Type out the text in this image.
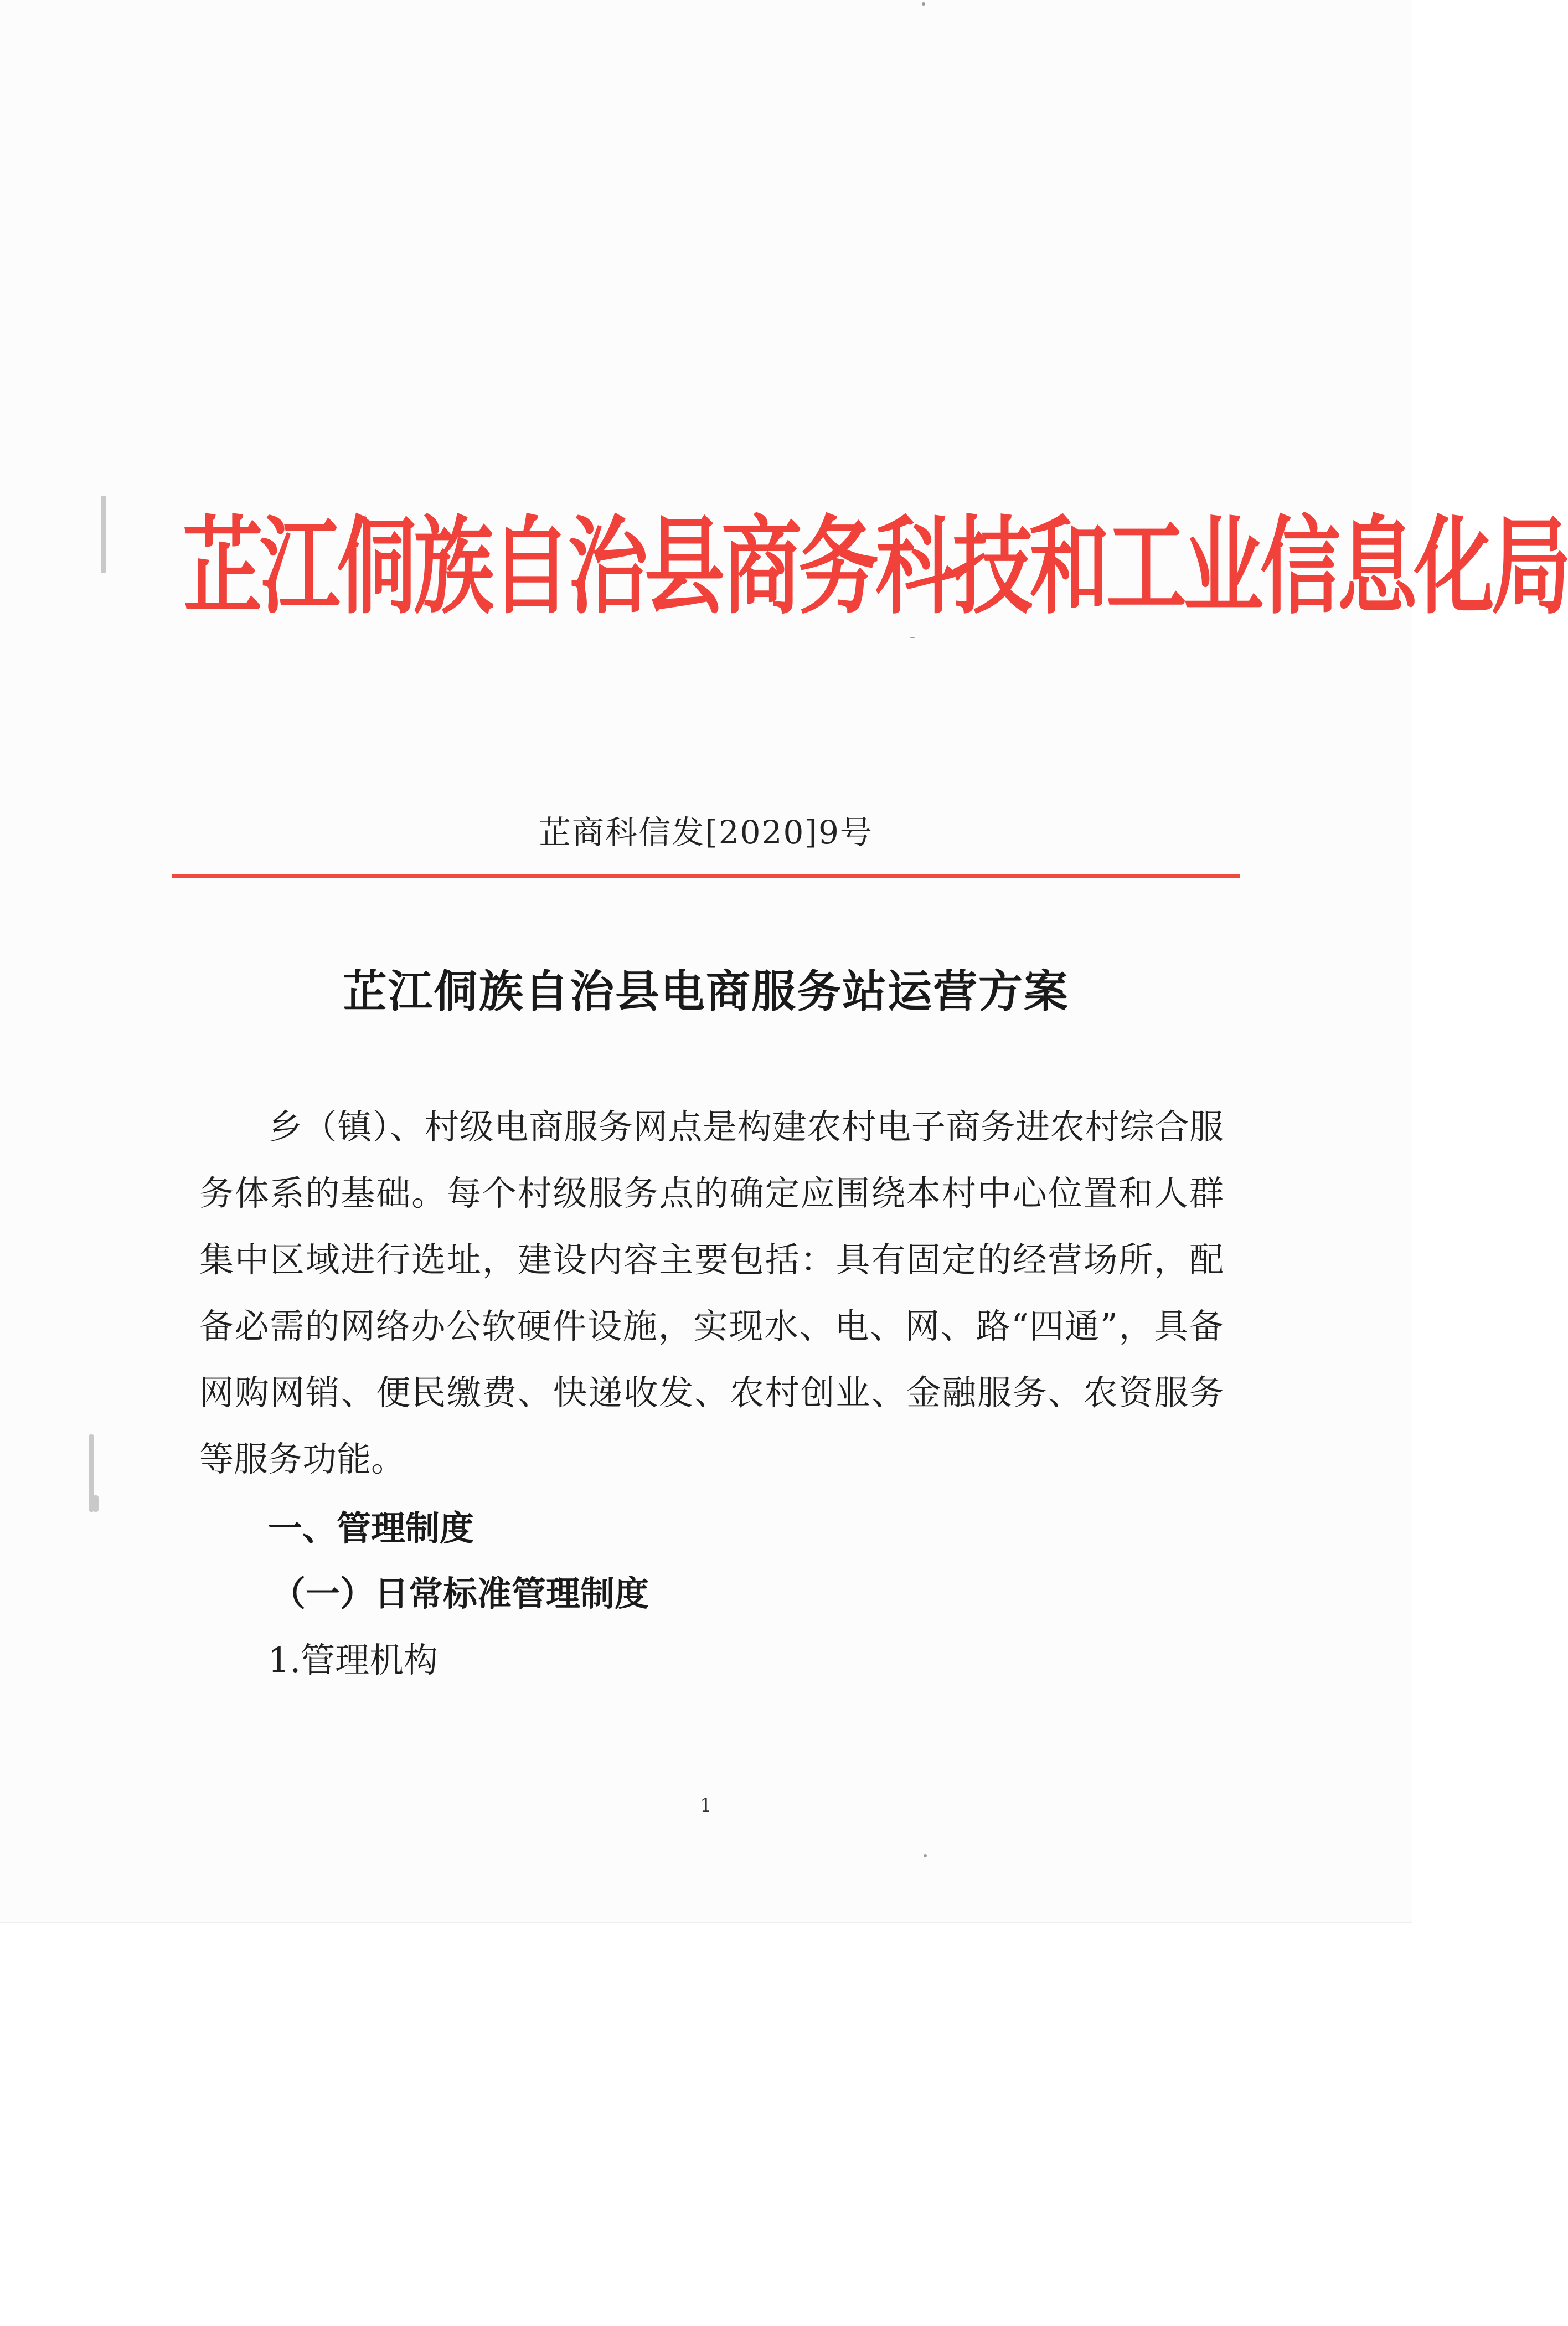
芷江侗族自治县商务科技和工业信息化局
芷商科信发[2020]9号
芷江侗族自治县电商服务站运营方案

乡（镇）、村级电商服务网点是构建农村电子商务进农村综合服务体系的基础。每个村级服务点的确定应围绕本村中心位置和人群集中区域进行选址，建设内容主要包括：具有固定的经营场所，配备必需的网络办公软硬件设施，实现水、电、网、路“四通”，具备网购网销、便民缴费、快递收发、农村创业、金融服务、农资服务等服务功能。

一、管理制度
（一）日常标准管理制度

1.管理机构

1
